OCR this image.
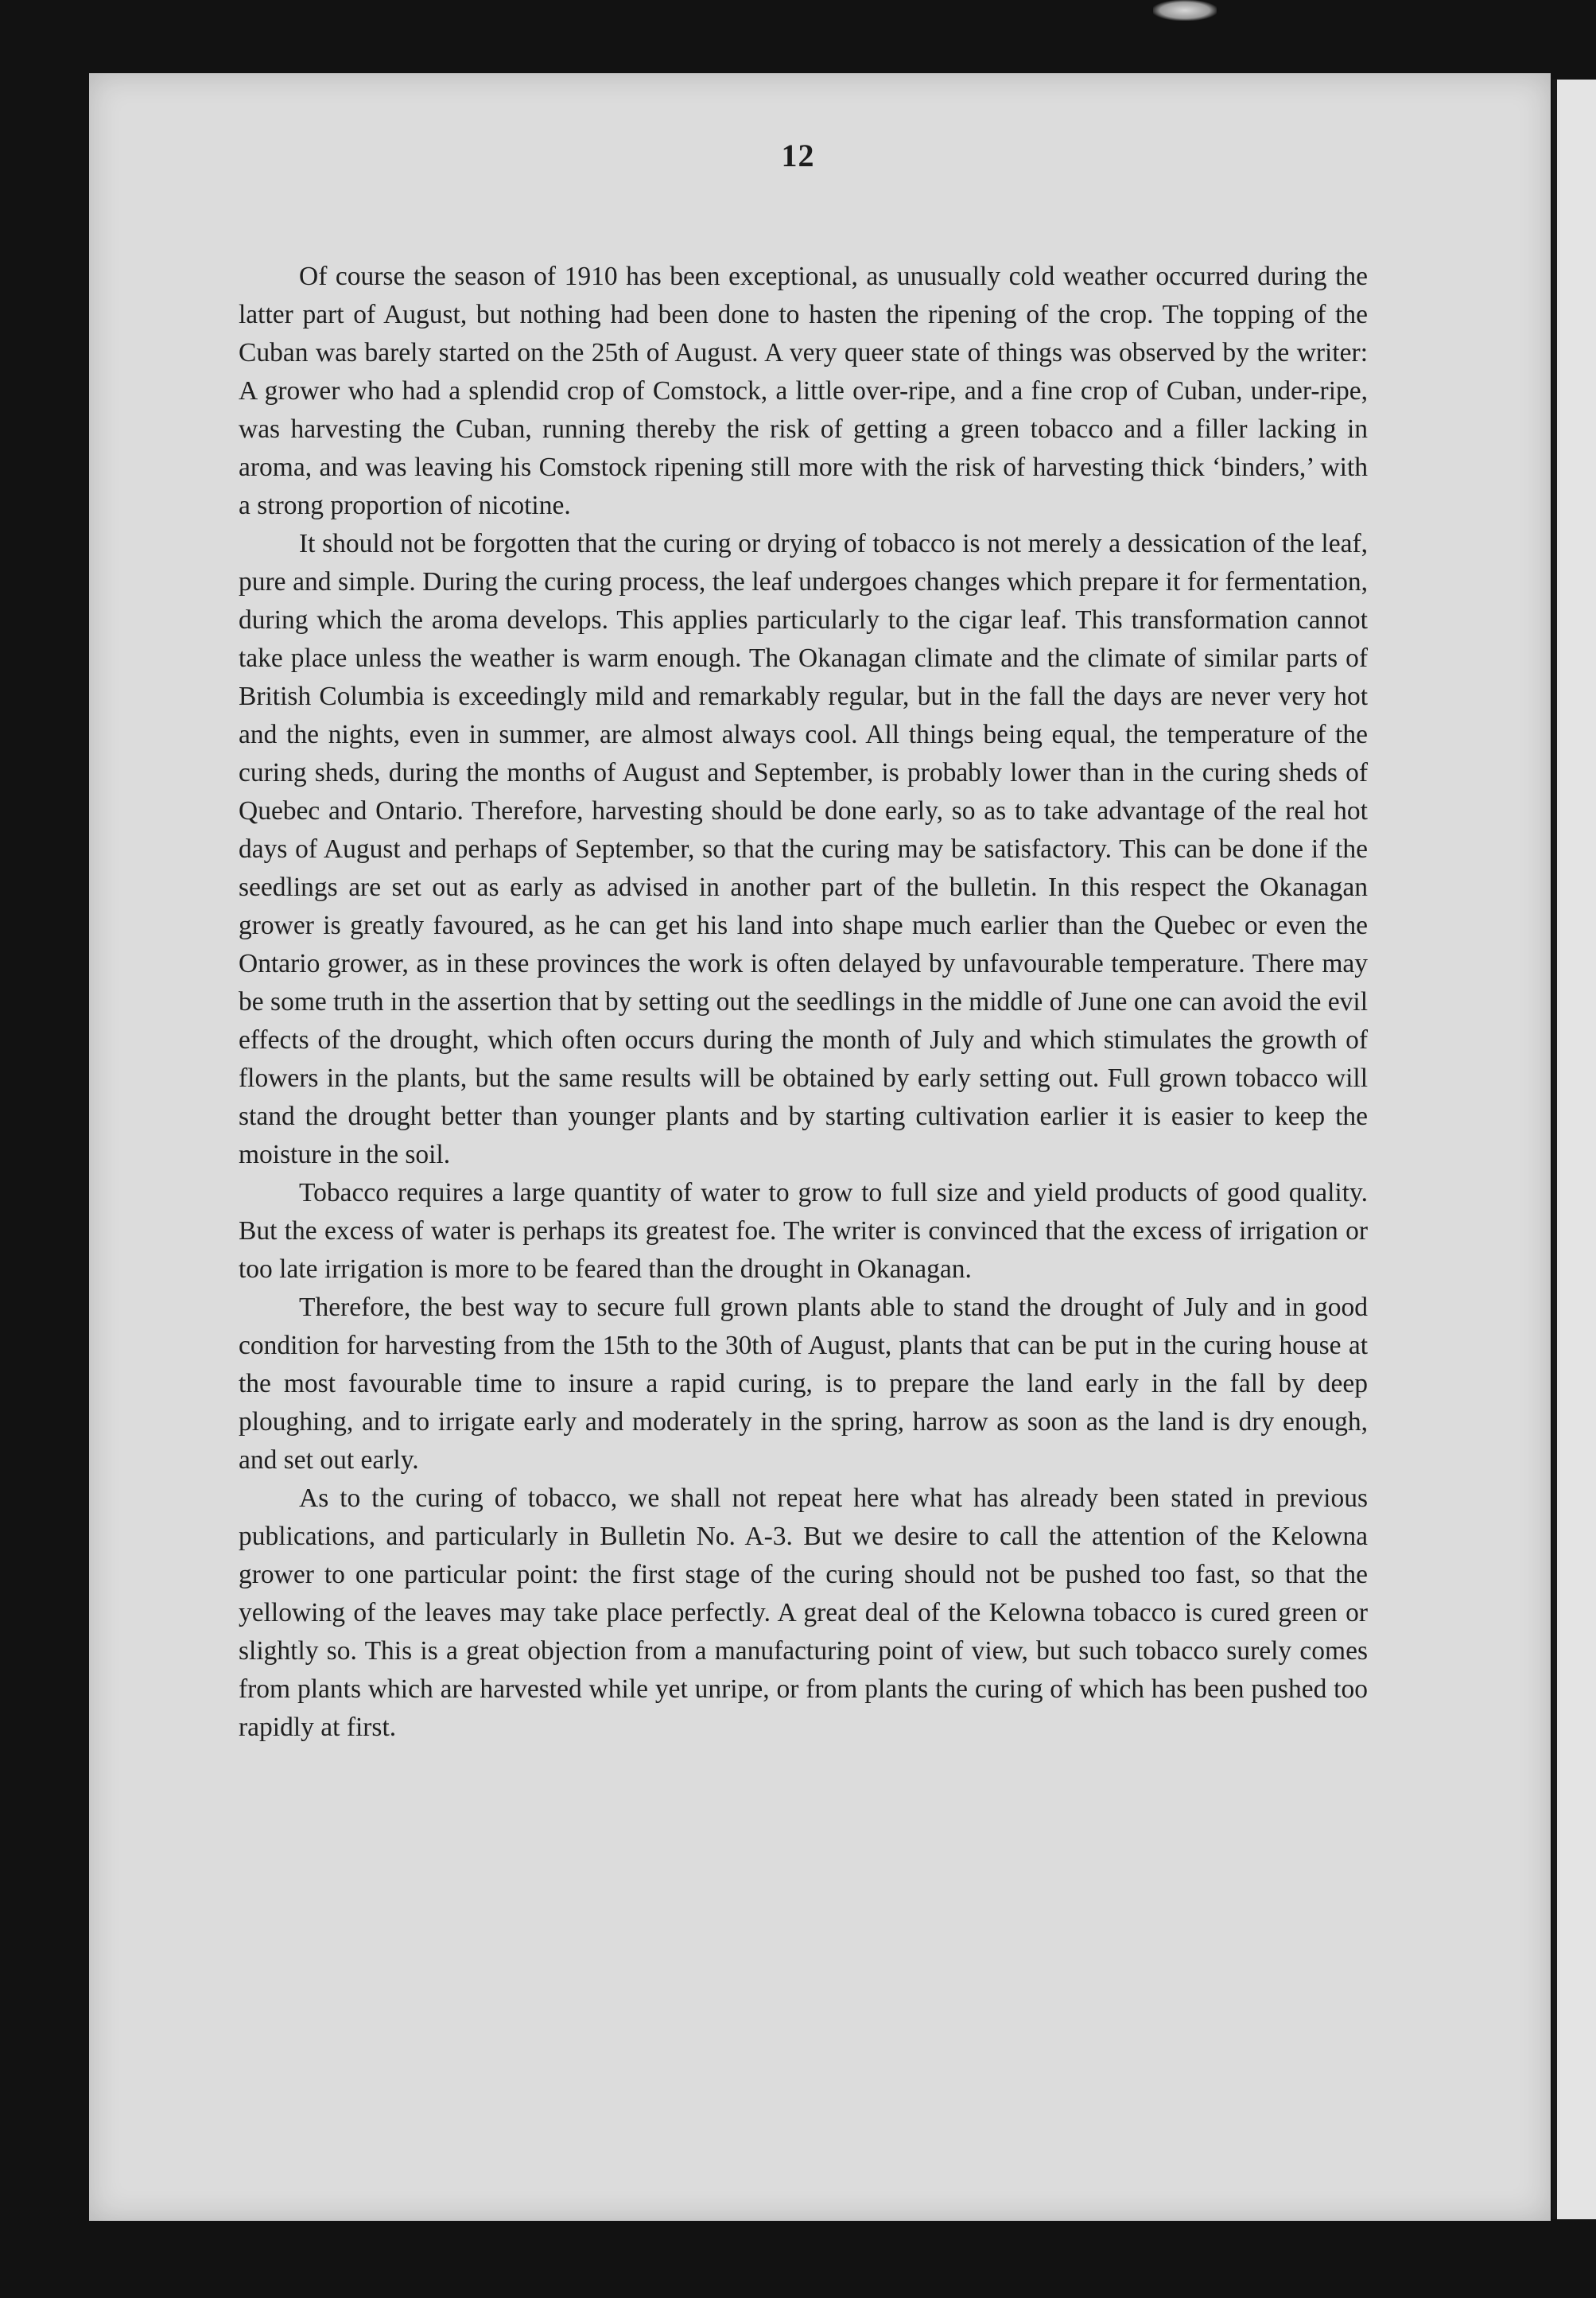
12

Of course the season of 1910 has been exceptional, as unusually cold weather occurred during the latter part of August, but nothing had been done to hasten the ripening of the crop. The topping of the Cuban was barely started on the 25th of August. A very queer state of things was observed by the writer: A grower who had a splendid crop of Comstock, a little over-ripe, and a fine crop of Cuban, under-ripe, was harvesting the Cuban, running thereby the risk of getting a green tobacco and a filler lacking in aroma, and was leaving his Comstock ripening still more with the risk of harvesting thick ‘binders,’ with a strong proportion of nicotine.

It should not be forgotten that the curing or drying of tobacco is not merely a dessication of the leaf, pure and simple. During the curing process, the leaf undergoes changes which prepare it for fermentation, during which the aroma develops. This applies particularly to the cigar leaf. This transformation cannot take place unless the weather is warm enough. The Okanagan climate and the climate of similar parts of British Columbia is exceedingly mild and remarkably regular, but in the fall the days are never very hot and the nights, even in summer, are almost always cool. All things being equal, the temperature of the curing sheds, during the months of August and September, is probably lower than in the curing sheds of Quebec and Ontario. Therefore, harvesting should be done early, so as to take advantage of the real hot days of August and perhaps of September, so that the curing may be satisfactory. This can be done if the seedlings are set out as early as advised in another part of the bulletin. In this respect the Okanagan grower is greatly favoured, as he can get his land into shape much earlier than the Quebec or even the Ontario grower, as in these provinces the work is often delayed by unfavourable temperature. There may be some truth in the assertion that by setting out the seedlings in the middle of June one can avoid the evil effects of the drought, which often occurs during the month of July and which stimulates the growth of flowers in the plants, but the same results will be obtained by early setting out. Full grown tobacco will stand the drought better than younger plants and by starting cultivation earlier it is easier to keep the moisture in the soil.

Tobacco requires a large quantity of water to grow to full size and yield products of good quality. But the excess of water is perhaps its greatest foe. The writer is convinced that the excess of irrigation or too late irrigation is more to be feared than the drought in Okanagan.

Therefore, the best way to secure full grown plants able to stand the drought of July and in good condition for harvesting from the 15th to the 30th of August, plants that can be put in the curing house at the most favourable time to insure a rapid curing, is to prepare the land early in the fall by deep ploughing, and to irrigate early and moderately in the spring, harrow as soon as the land is dry enough, and set out early.

As to the curing of tobacco, we shall not repeat here what has already been stated in previous publications, and particularly in Bulletin No. A-3. But we desire to call the attention of the Kelowna grower to one particular point: the first stage of the curing should not be pushed too fast, so that the yellowing of the leaves may take place perfectly. A great deal of the Kelowna tobacco is cured green or slightly so. This is a great objection from a manufacturing point of view, but such tobacco surely comes from plants which are harvested while yet unripe, or from plants the curing of which has been pushed too rapidly at first.
